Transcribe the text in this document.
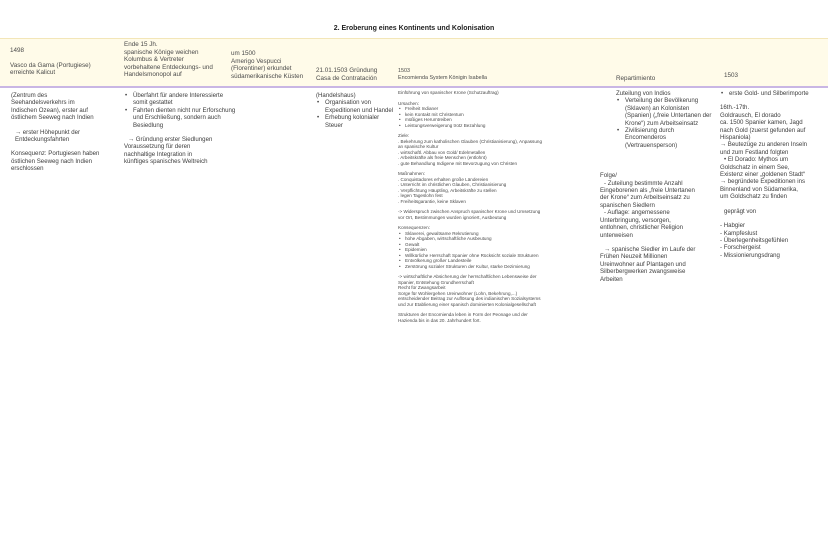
2. Eroberung eines Kontinents und Kolonisation
1498
Vasco da Gama (Portugiese)
erreichte Kalicut
Ende 15 Jh.
spanische Könige weichen
Kolumbus & Vertreter
vorbehaltene Entdeckungs- und
Handelsmonopol auf
um 1500
Amerigo Vespucci
(Florentiner) erkundet
südamerikanische Küsten
21.01.1503 Gründung
Casa de Contratación
1503
Encomienda System Königin Isabella	Repartimiento	1503

(Zentrum des
Seehandelsverkehrs im
Indischen Ozean), erster auf
östlichem Seeweg nach Indien

→ erster Höhepunkt der
Entdeckungsfahrten

Konsequenz: Portugiesen haben
östlichen Seeweg nach Indien
erschlossen

• Überfahrt für andere Interessierte somit gestattet
• Fahrten dienten nicht nur Erforschung und Erschließung, sondern auch Besiedlung

→ Gründung erster Siedlungen
Voraussetzung für deren
nachhaltige Integration in
künftiges spanisches Weltreich

(Handelshaus)
• Organisation von Expeditionen und Handel
• Erhebung kolonialer Steuer

Einführung von spanischer Krone (Schutzauftrag)

Ursachen:
• Freiheit Indianer
• kein Kontakt mit Christentum
• müßiges Herumtreiben
• Leistungsverweigerung trotz Bezahlung
Ziele:

. Bekehrung zum katholischen Glauben (Christianisierung), Anpassung
an spanische Kultur
. wirtschaftl. Abbau von Gold/ Edelmetallen
. Arbeitskräfte als freie Menschen (entlohnt)
. gute Behandlung Indigene mit Bevorzugung von Christen

Maßnahmen:

. Conquistadores erhalten große Ländereien
. Unterricht im christlichen Glauben, Christianisierung
. Verpflichtung Häuptling, Arbeitskräfte zu stellen
. legen Tageslohn fest
. Freiheitsgarantie, keine Sklaven

-> Widerspruch zwischen Anspruch spanischer Krone und Umsetzung
vor Ort, Bestimmungen wurden ignoriert, Ausbeutung

Konsequenzen:
• Sklaverei, gewaltsame Rekrutierung
• hohe Abgaben, wirtschaftliche Ausbeutung
• Gewalt
• Epidemien
• Willkürliche Herrschaft Spanier ohne Rücksicht soziale Strukturen
• Entvölkerung großer Landesteile
• Zerstörung sozialer Strukturen der Kultur, starke Dezimierung

-> wirtschaftliche Absicherung der herrschaftlichen Lebensweise der
Spanier, Entstehung Grundherrschaft
Recht für Zwangsarbeit
Sorge für Wohlergehen Ureinwohner (Lohn, Bekehrung,...)
entscheidender Beitrag zur Auflösung des indianischen Sozialsystems
und zur Etablierung einer spanisch dominierten Kolonialgesellschaft

Strukturen der Encomienda leben in Form der Peonage und der
Hazienda bis in das 20. Jahrhundert fort.

Zuteilung von Indios
• Verteilung der Bevölkerung (Sklaven) an Kolonisten (Spanien) („freie Untertanen der Krone“) zum Arbeitseinsatz
• Zivilisierung durch Encomenderos (Vertrauensperson)

Folge/
- Zuteilung bestimmte Anzahl
Eingeborenen als „freie Untertanen
der Krone“ zum Arbeitseinsatz zu
spanischen Siedlern
- Auflage: angemessene
Unterbringung, versorgen,
entlohnen, christlicher Religion
unterweisen

→ spanische Siedler im Laufe der
Frühen Neuzeit Millionen
Ureinwohner auf Plantagen und
Silberbergwerken zwangsweise
Arbeiten

• erste Gold- und Silberimporte

16th.-17th.
Goldrausch, El dorado
ca. 1500 Spanier kamen, Jagd
nach Gold (zuerst gefunden auf
Hispaniola)
→ Beutezüge zu anderen Inseln
und zum Festland folgten
• El Dorado: Mythos um
Goldschatz in einem See,
Existenz einer „goldenen Stadt“
→ begründete Expeditionen ins
Binnenland von Südamerika,
um Goldschatz zu finden

geprägt von
- Habgier
- Kampfeslust
- Überlegenheitsgefühlen
- Forschergeist
- Missionierungsdrang
